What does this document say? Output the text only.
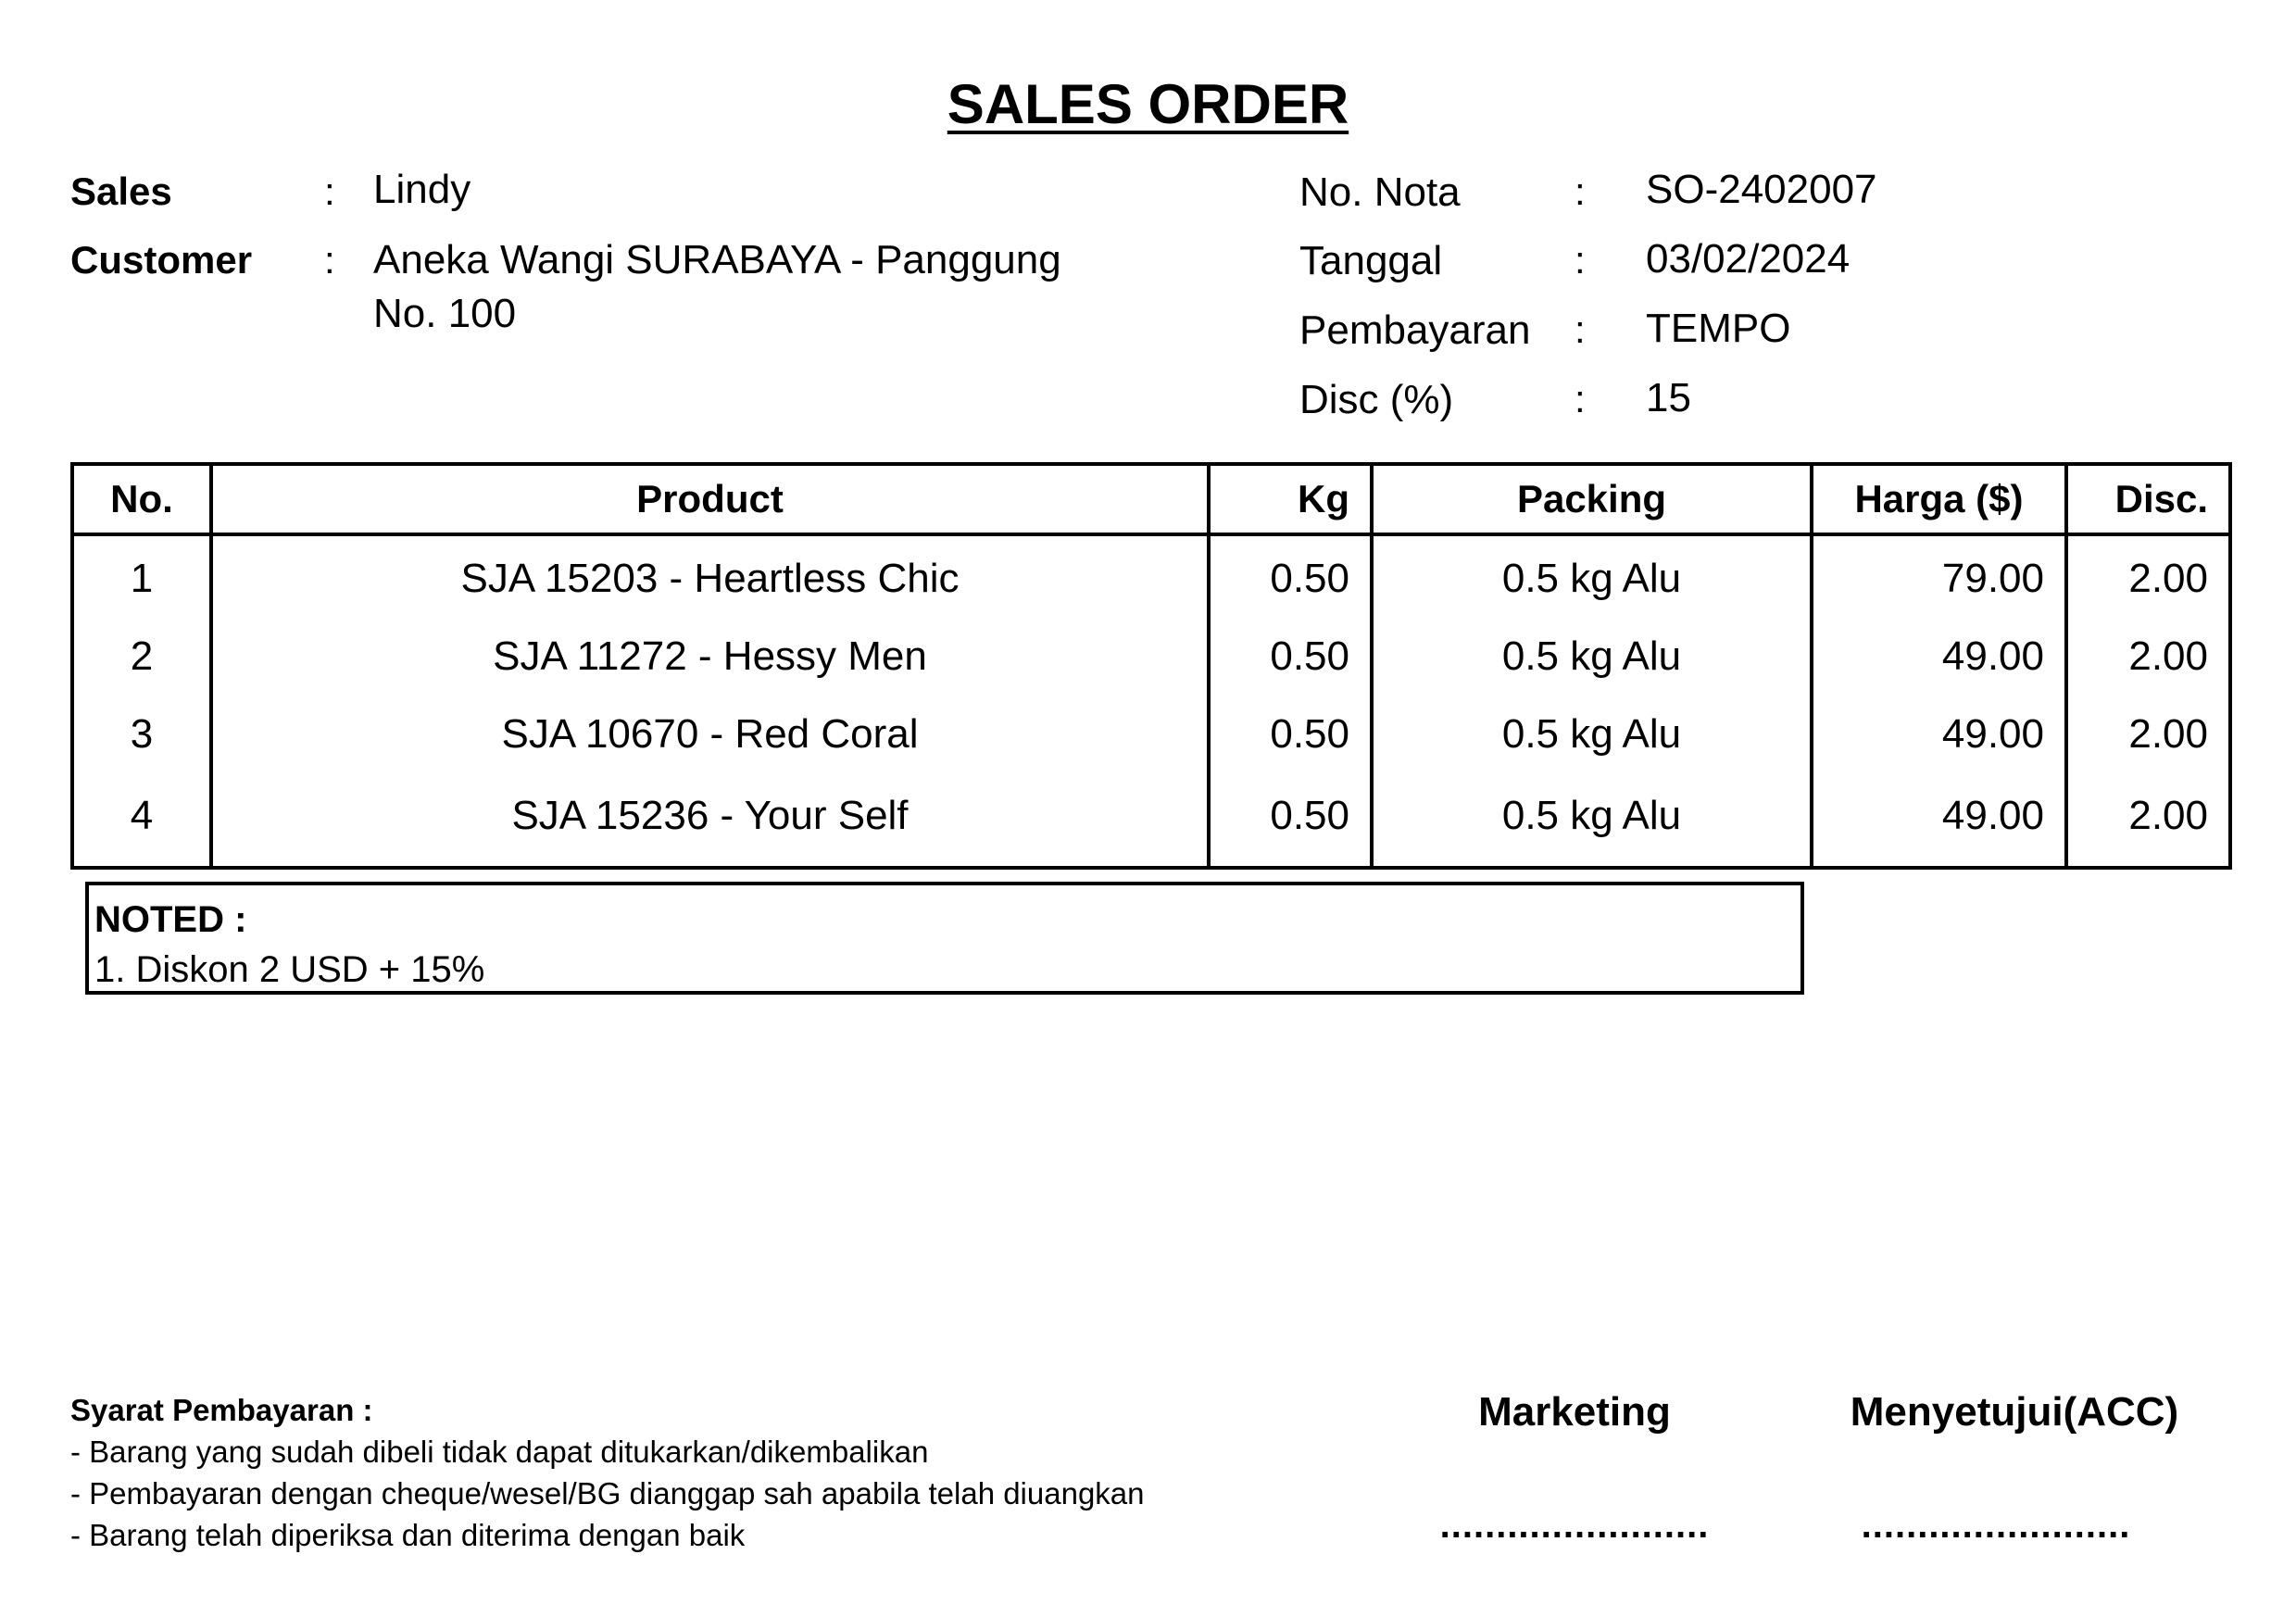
SALES ORDER
Sales	: Lindy
Customer : Aneka Wangi SURABAYA - Panggung
No. 100
No. Nota	: SO-2402007
Tanggal	: 03/02/2024
Pembayaran : TEMPO
Disc (%)	: 15
No.	Product	Kg	Packing	Harga ($)	Disc.
1	SJA 15203 - Heartless Chic	0.50	0.5 kg Alu	79.00	2.00
2	SJA 11272 - Hessy Men	0.50	0.5 kg Alu	49.00	2.00
3	SJA 10670 - Red Coral	0.50	0.5 kg Alu	49.00	2.00
4	SJA 15236 - Your Self	0.50	0.5 kg Alu	49.00	2.00
NOTED :
1. Diskon 2 USD + 15%
Syarat Pembayaran :
- Barang yang sudah dibeli tidak dapat ditukarkan/dikembalikan
- Pembayaran dengan cheque/wesel/BG dianggap sah apabila telah diuangkan
- Barang telah diperiksa dan diterima dengan baik
Marketing	Menyetujui(ACC)
........................	........................
